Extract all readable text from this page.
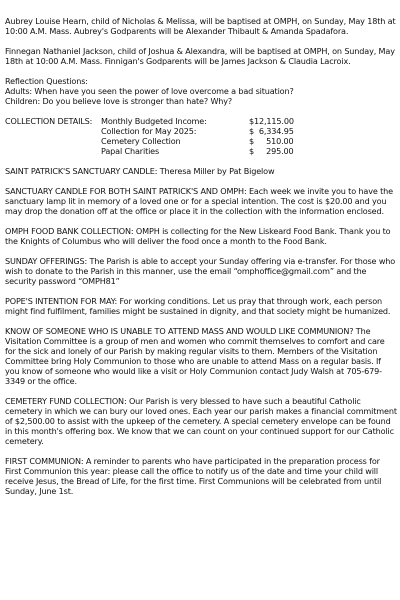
Aubrey Louise Hearn, child of Nicholas & Melissa, will be baptised at OMPH, on Sunday, May 18th at 10:00 A.M. Mass. Aubrey's Godparents will be Alexander Thibault & Amanda Spadafora.

Finnegan Nathaniel Jackson, child of Joshua & Alexandra, will be baptised at OMPH, on Sunday, May 18th at 10:00 A.M. Mass. Finnigan's Godparents will be James Jackson & Claudia Lacroix.

Reflection Questions:
Adults: When have you seen the power of love overcome a bad situation?
Children: Do you believe love is stronger than hate? Why?
COLLECTION DETAILS:	Monthly Budgeted Income:	$12,115.00
Collection for May 2025:	$  6,334.95
Cemetery Collection	$     510.00
Papal Charities	$     295.00

SAINT PATRICK'S SANCTUARY CANDLE: Theresa Miller by Pat Bigelow

SANCTUARY CANDLE FOR BOTH SAINT PATRICK'S AND OMPH: Each week we invite you to have the sanctuary lamp lit in memory of a loved one or for a special intention. The cost is $20.00 and you may drop the donation off at the office or place it in the collection with the information enclosed.

OMPH FOOD BANK COLLECTION: OMPH is collecting for the New Liskeard Food Bank. Thank you to the Knights of Columbus who will deliver the food once a month to the Food Bank.

SUNDAY OFFERINGS: The Parish is able to accept your Sunday offering via e-transfer. For those who wish to donate to the Parish in this manner, use the email “omphoffice@gmail.com” and the security password “OMPH81”

POPE'S INTENTION FOR MAY: For working conditions. Let us pray that through work, each person might find fulfilment, families might be sustained in dignity, and that society might be humanized.

KNOW OF SOMEONE WHO IS UNABLE TO ATTEND MASS AND WOULD LIKE COMMUNION? The Visitation Committee is a group of men and women who commit themselves to comfort and care for the sick and lonely of our Parish by making regular visits to them. Members of the Visitation Committee bring Holy Communion to those who are unable to attend Mass on a regular basis. If you know of someone who would like a visit or Holy Communion contact Judy Walsh at 705-679-3349 or the office.

CEMETERY FUND COLLECTION: Our Parish is very blessed to have such a beautiful Catholic cemetery in which we can bury our loved ones. Each year our parish makes a financial commitment of $2,500.00 to assist with the upkeep of the cemetery. A special cemetery envelope can be found in this month's offering box. We know that we can count on your continued support for our Catholic cemetery.

FIRST COMMUNION: A reminder to parents who have participated in the preparation process for First Communion this year: please call the office to notify us of the date and time your child will receive Jesus, the Bread of Life, for the first time. First Communions will be celebrated from until Sunday, June 1st.
